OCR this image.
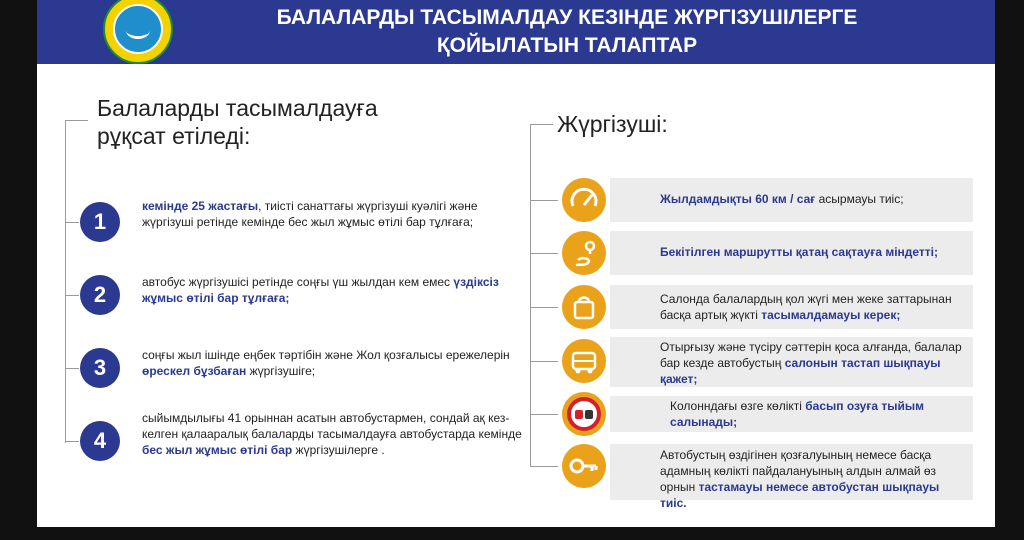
БАЛАЛАРДЫ ТАСЫМАЛДАУ КЕЗІНДЕ ЖҮРГІЗУШІЛЕРГЕ
ҚОЙЫЛАТЫН ТАЛАПТАР
Балаларды тасымалдауға
рұқсат етіледі:
1
кемінде 25 жастағы, тиісті санаттағы жүргізуші куәлігі және жүргізуші ретінде кемінде бес жыл жұмыс өтілі бар тұлғаға;
2	автобус жүргізушісі ретінде соңғы үш жылдан кем емес үздіксіз жұмыс өтілі бар тұлғаға;
3	соңғы жыл ішінде еңбек тәртібін және Жол қозғалысы ережелерін өрескел бұзбаған жүргізушіге;
4
сыйымдылығы 41 орыннан асатын автобустармен, сондай ақ кез-келген қалааралық балаларды тасымалдауға автобустарда кемінде бес жыл жұмыс өтілі бар жүргізушілерге .
Жүргізуші:
Жылдамдықты 60 км / сағ асырмауы тиіс;
Бекітілген маршрутты қатаң сақтауға міндетті;
Салонда балалардың қол жүгі мен жеке заттарынан басқа артық жүкті тасымалдамауы керек;
Отырғызу және түсіру сәттерін қоса алғанда, балалар бар кезде автобустың салонын тастап шықпауы қажет;
Колонндағы өзге көлікті басып озуға тыйым салынады;
Автобустың өздігінен қозғалуының немесе басқа адамның көлікті пайдалануының алдын алмай өз орнын тастамауы немесе автобустан шықпауы тиіс.
